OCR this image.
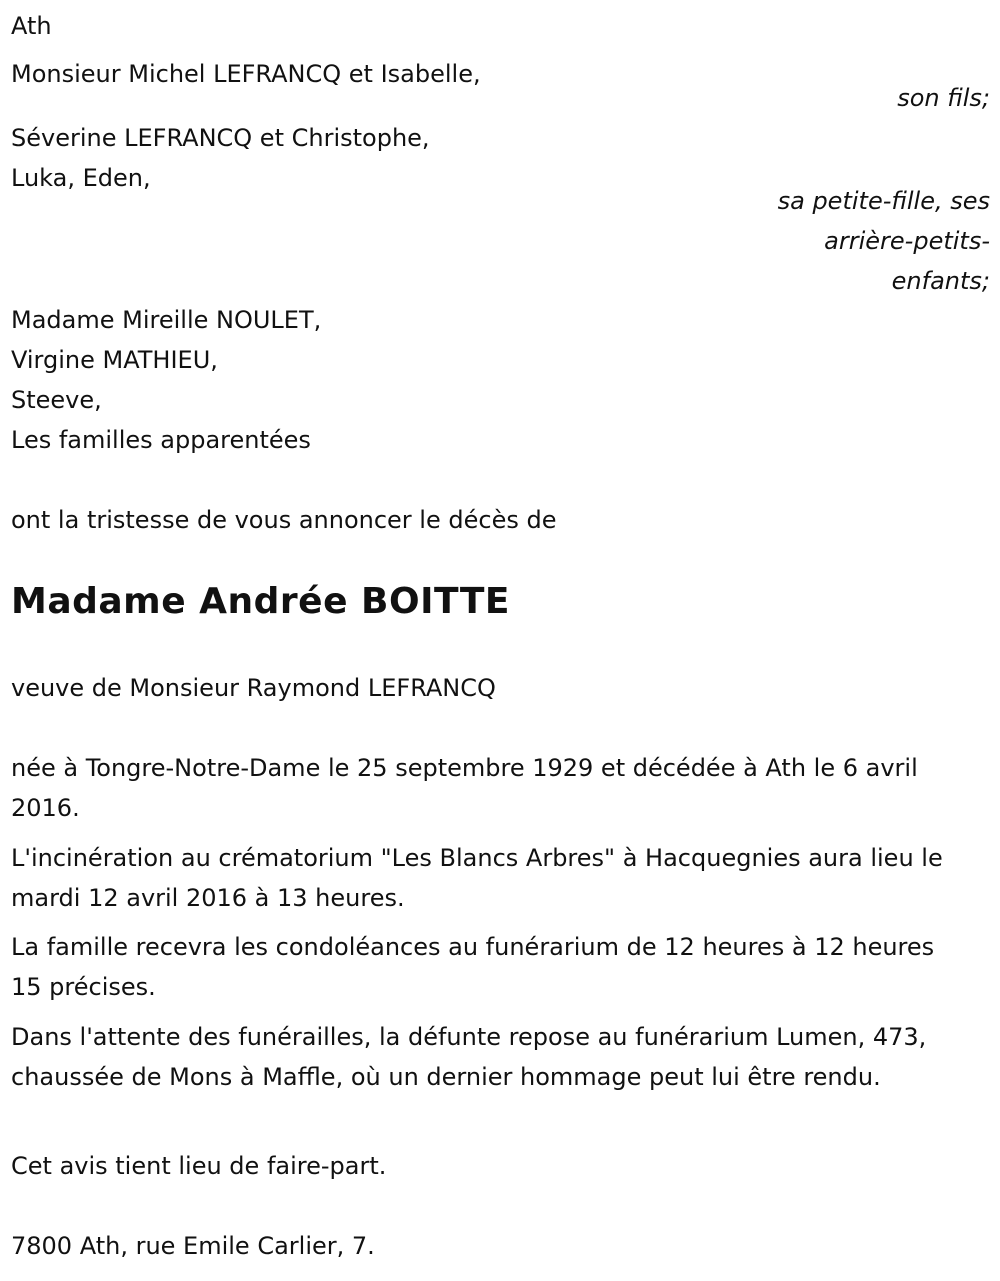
Ath
Monsieur Michel LEFRANCQ et Isabelle,
son fils;
Séverine LEFRANCQ et Christophe,
Luka, Eden,
sa petite-fille, ses
arrière-petits-
enfants;
Madame Mireille NOULET,
Virgine MATHIEU,
Steeve,
Les familles apparentées
ont la tristesse de vous annoncer le décès de
Madame Andrée BOITTE
veuve de Monsieur Raymond LEFRANCQ
née à Tongre-Notre-Dame le 25 septembre 1929 et décédée à Ath le 6 avril 2016.
L'incinération au crématorium "Les Blancs Arbres" à Hacquegnies aura lieu le mardi 12 avril 2016 à 13 heures.
La famille recevra les condoléances au funérarium de 12 heures à 12 heures 15 précises.
Dans l'attente des funérailles, la défunte repose au funérarium Lumen, 473, chaussée de Mons à Maffle, où un dernier hommage peut lui être rendu.
Cet avis tient lieu de faire-part.
7800 Ath, rue Emile Carlier, 7.
